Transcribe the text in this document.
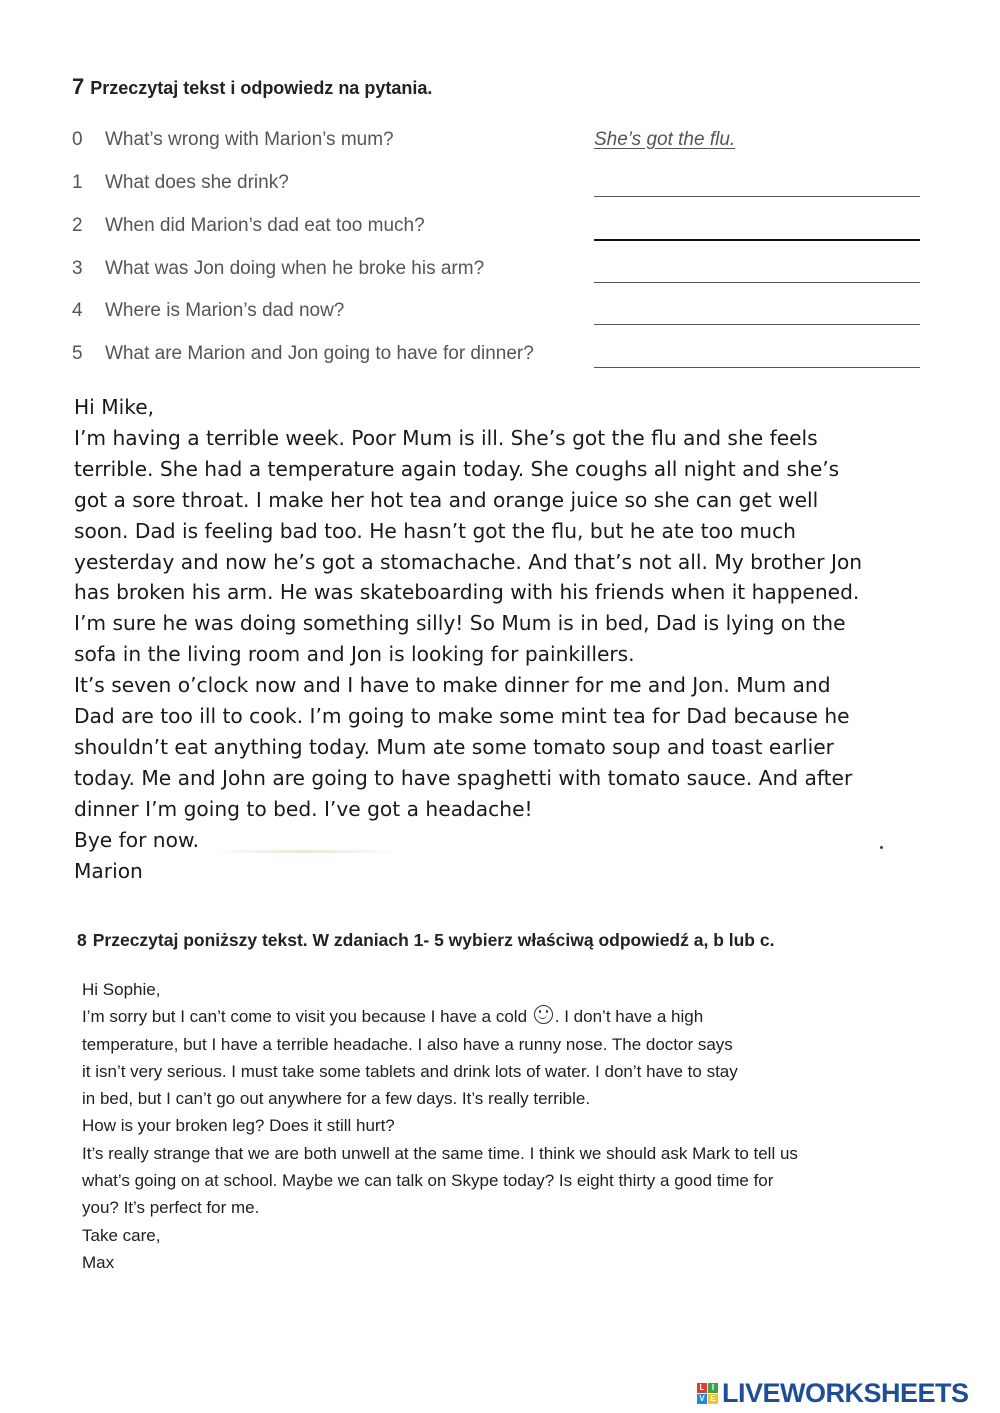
7 Przeczytaj tekst i odpowiedz na pytania.
0 What’s wrong with Marion’s mum?	She’s got the flu.
1 What does she drink?
2 When did Marion’s dad eat too much?
3 What was Jon doing when he broke his arm?
4 Where is Marion’s dad now?
5 What are Marion and Jon going to have for dinner?
Hi Mike,
I’m having a terrible week. Poor Mum is ill. She’s got the flu and she feels
terrible. She had a temperature again today. She coughs all night and she’s
got a sore throat. I make her hot tea and orange juice so she can get well
soon. Dad is feeling bad too. He hasn’t got the flu, but he ate too much
yesterday and now he’s got a stomachache. And that’s not all. My brother Jon
has broken his arm. He was skateboarding with his friends when it happened.
I’m sure he was doing something silly! So Mum is in bed, Dad is lying on the
sofa in the living room and Jon is looking for painkillers.
It’s seven o’clock now and I have to make dinner for me and Jon. Mum and
Dad are too ill to cook. I’m going to make some mint tea for Dad because he
shouldn’t eat anything today. Mum ate some tomato soup and toast earlier
today. Me and John are going to have spaghetti with tomato sauce. And after
dinner I’m going to bed. I’ve got a headache!
Bye for now.
Marion
8 Przeczytaj poniższy tekst. W zdaniach 1- 5 wybierz właściwą odpowiedź a, b lub c.
Hi Sophie,
I’m sorry but I can’t come to visit you because I have a cold . I don’t have a high
temperature, but I have a terrible headache. I also have a runny nose. The doctor says
it isn’t very serious. I must take some tablets and drink lots of water. I don’t have to stay
in bed, but I can’t go out anywhere for a few days. It’s really terrible.
How is your broken leg? Does it still hurt?
It’s really strange that we are both unwell at the same time. I think we should ask Mark to tell us
what’s going on at school. Maybe we can talk on Skype today? Is eight thirty a good time for
you? It’s perfect for me.
Take care,
Max
L I
V E LIVEWORKSHEETS
